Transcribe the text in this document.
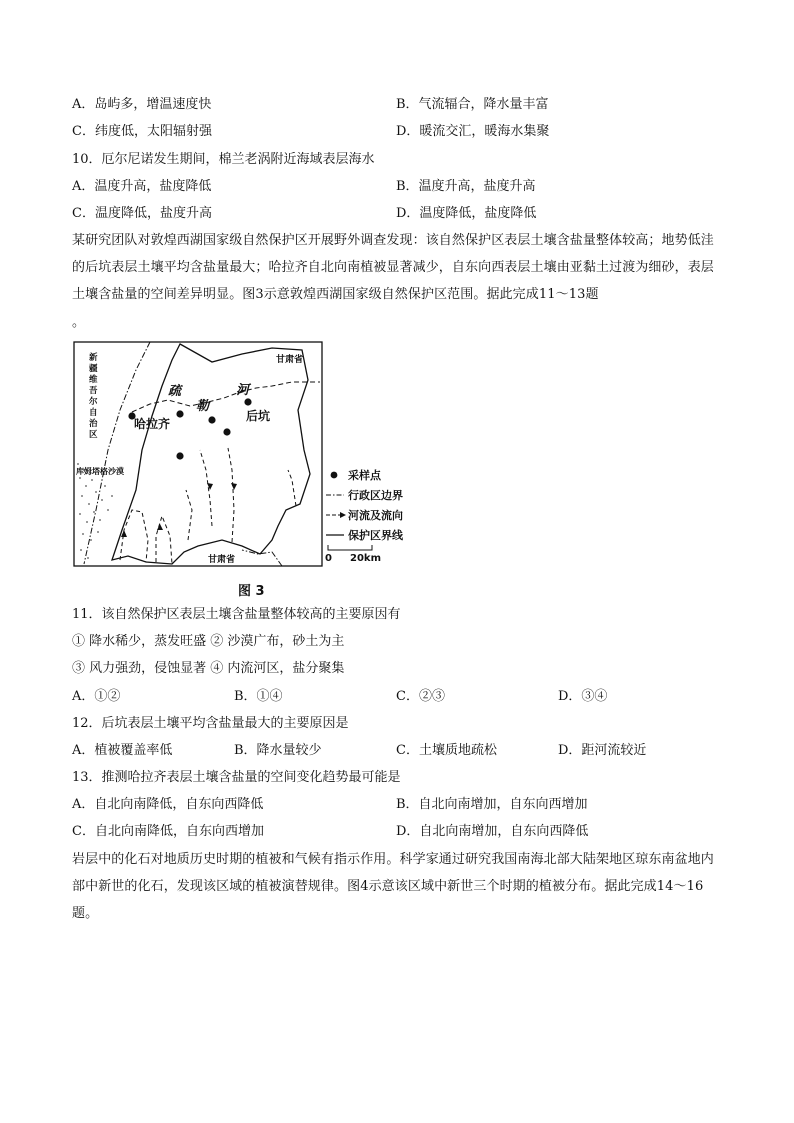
A．岛屿多，增温速度快	B．气流辐合，降水量丰富
C．纬度低，太阳辐射强	D．暖流交汇，暖海水集聚
10．厄尔尼诺发生期间，棉兰老涡附近海域表层海水
A．温度升高，盐度降低	B．温度升高，盐度升高
C．温度降低，盐度升高	D．温度降低，盐度降低
某研究团队对敦煌西湖国家级自然保护区开展野外调查发现：该自然保护区表层土壤含盐量整体较高；地势低洼的后坑表层土壤平均含盐量最大；哈拉齐自北向南植被显著减少，自东向西表层土壤由亚黏土过渡为细砂，表层土壤含盐量的空间差异明显。图3示意敦煌西湖国家级自然保护区范围。据此完成11～13题
。
新
疆
维
吾
尔
自
治
区
甘肃省
甘肃省
库姆塔格沙漠
疏
勒
河
哈拉齐
后坑
采样点
行政区边界
河流及流向
保护区界线
0 20km
图 3
11．该自然保护区表层土壤含盐量整体较高的主要原因有
① 降水稀少，蒸发旺盛 ② 沙漠广布，砂土为主
③ 风力强劲，侵蚀显著 ④ 内流河区，盐分聚集
A．①②	B．①④	C．②③	D．③④
12．后坑表层土壤平均含盐量最大的主要原因是
A．植被覆盖率低	B．降水量较少	C．土壤质地疏松	D．距河流较近
13．推测哈拉齐表层土壤含盐量的空间变化趋势最可能是
A．自北向南降低，自东向西降低	B．自北向南增加，自东向西增加
C．自北向南降低，自东向西增加	D．自北向南增加，自东向西降低
岩层中的化石对地质历史时期的植被和气候有指示作用。科学家通过研究我国南海北部大陆架地区琼东南盆地内部中新世的化石，发现该区域的植被演替规律。图4示意该区域中新世三个时期的植被分布。据此完成14～16题。
